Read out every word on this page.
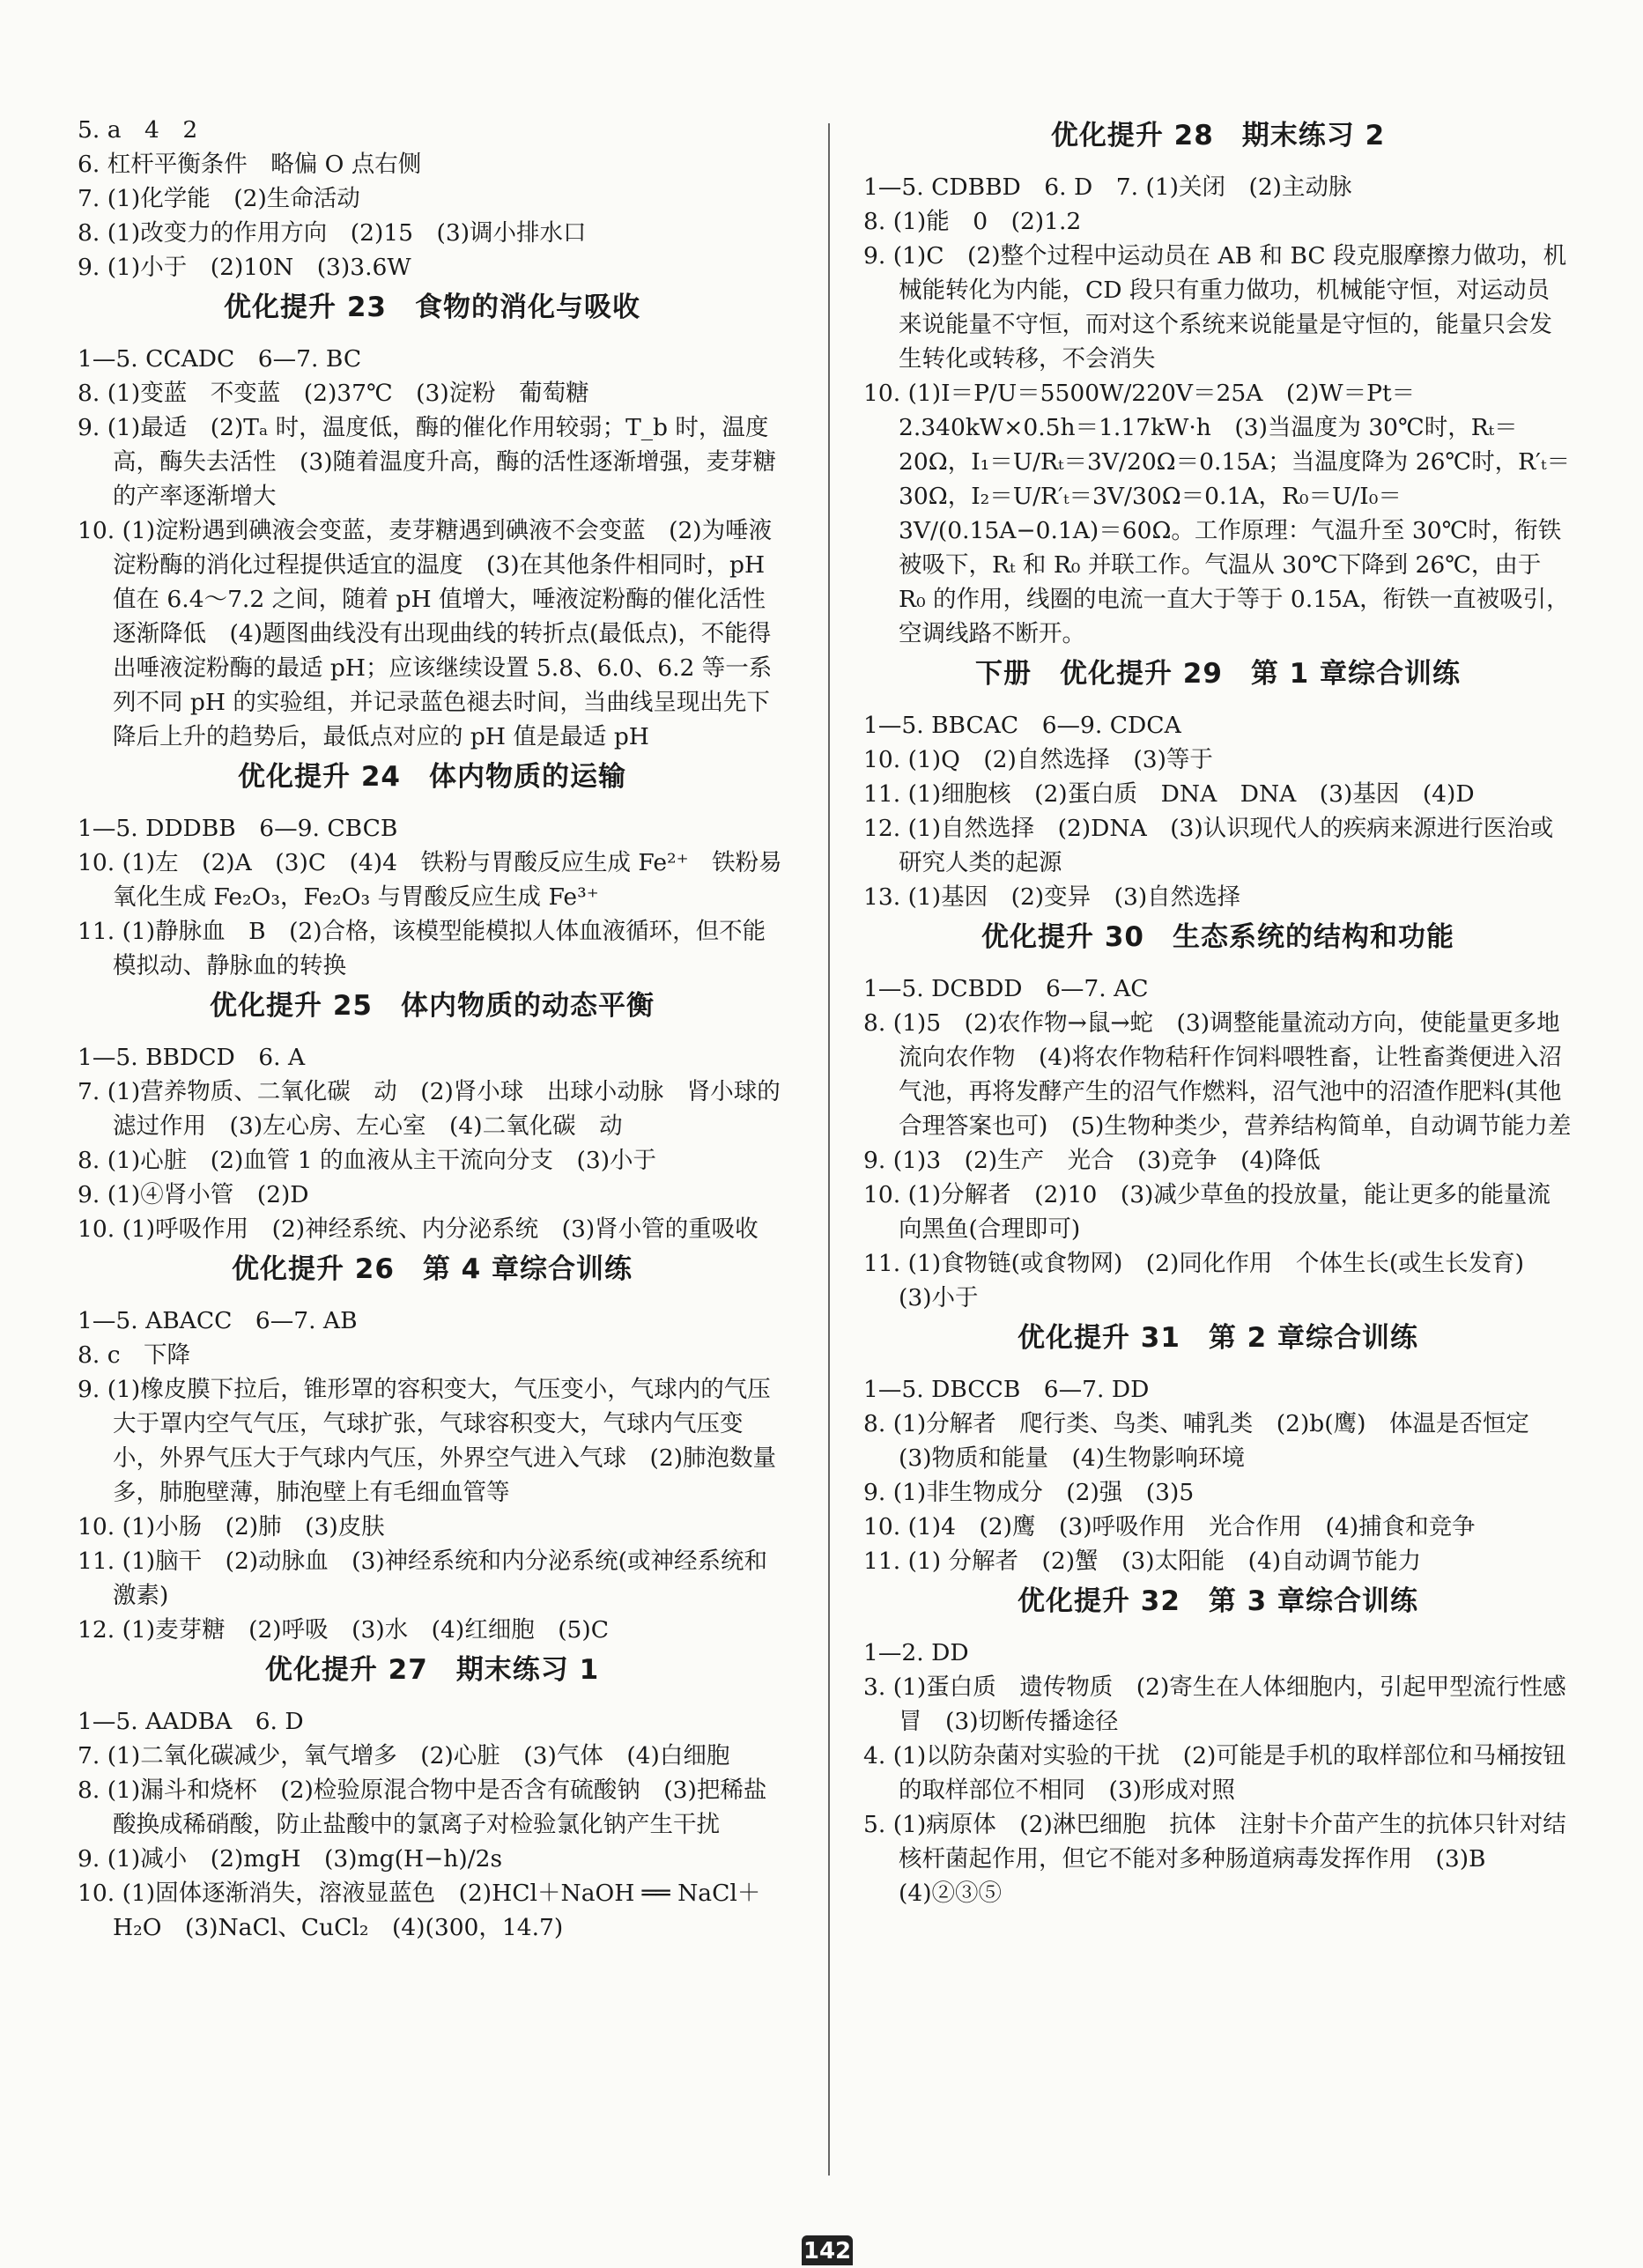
5. a　4　2
6. 杠杆平衡条件　略偏 O 点右侧
7. (1)化学能　(2)生命活动
8. (1)改变力的作用方向　(2)15　(3)调小排水口
9. (1)小于　(2)10N　(3)3.6W
优化提升 23　食物的消化与吸收
1—5. CCADC　6—7. BC
8. (1)变蓝　不变蓝　(2)37℃　(3)淀粉　葡萄糖
9. (1)最适　(2)Tₐ 时，温度低，酶的催化作用较弱；T_b 时，温度高，酶失去活性　(3)随着温度升高，酶的活性逐渐增强，麦芽糖的产率逐渐增大
10. (1)淀粉遇到碘液会变蓝，麦芽糖遇到碘液不会变蓝　(2)为唾液淀粉酶的消化过程提供适宜的温度　(3)在其他条件相同时，pH 值在 6.4～7.2 之间，随着 pH 值增大，唾液淀粉酶的催化活性逐渐降低　(4)题图曲线没有出现曲线的转折点(最低点)，不能得出唾液淀粉酶的最适 pH；应该继续设置 5.8、6.0、6.2 等一系列不同 pH 的实验组，并记录蓝色褪去时间，当曲线呈现出先下降后上升的趋势后，最低点对应的 pH 值是最适 pH
优化提升 24　体内物质的运输
1—5. DDDBB　6—9. CBCB
10. (1)左　(2)A　(3)C　(4)4　铁粉与胃酸反应生成 Fe²⁺　铁粉易氧化生成 Fe₂O₃，Fe₂O₃ 与胃酸反应生成 Fe³⁺
11. (1)静脉血　B　(2)合格，该模型能模拟人体血液循环，但不能模拟动、静脉血的转换
优化提升 25　体内物质的动态平衡
1—5. BBDCD　6. A
7. (1)营养物质、二氧化碳　动　(2)肾小球　出球小动脉　肾小球的滤过作用　(3)左心房、左心室　(4)二氧化碳　动
8. (1)心脏　(2)血管 1 的血液从主干流向分支　(3)小于
9. (1)④肾小管　(2)D
10. (1)呼吸作用　(2)神经系统、内分泌系统　(3)肾小管的重吸收
优化提升 26　第 4 章综合训练
1—5. ABACC　6—7. AB
8. c　下降
9. (1)橡皮膜下拉后，锥形罩的容积变大，气压变小，气球内的气压大于罩内空气气压，气球扩张，气球容积变大，气球内气压变小，外界气压大于气球内气压，外界空气进入气球　(2)肺泡数量多，肺胞壁薄，肺泡壁上有毛细血管等
10. (1)小肠　(2)肺　(3)皮肤
11. (1)脑干　(2)动脉血　(3)神经系统和内分泌系统(或神经系统和激素)
12. (1)麦芽糖　(2)呼吸　(3)水　(4)红细胞　(5)C
优化提升 27　期末练习 1
1—5. AADBA　6. D
7. (1)二氧化碳减少，氧气增多　(2)心脏　(3)气体　(4)白细胞
8. (1)漏斗和烧杯　(2)检验原混合物中是否含有硫酸钠　(3)把稀盐酸换成稀硝酸，防止盐酸中的氯离子对检验氯化钠产生干扰
9. (1)减小　(2)mgH　(3)mg(H−h)/2s
10. (1)固体逐渐消失，溶液显蓝色　(2)HCl＋NaOH ══ NaCl＋H₂O　(3)NaCl、CuCl₂　(4)(300，14.7)
优化提升 28　期末练习 2
1—5. CDBBD　6. D　7. (1)关闭　(2)主动脉
8. (1)能　0　(2)1.2
9. (1)C　(2)整个过程中运动员在 AB 和 BC 段克服摩擦力做功，机械能转化为内能，CD 段只有重力做功，机械能守恒，对运动员来说能量不守恒，而对这个系统来说能量是守恒的，能量只会发生转化或转移，不会消失
10. (1)I＝P/U＝5500W/220V＝25A　(2)W＝Pt＝2.340kW×0.5h＝1.17kW·h　(3)当温度为 30℃时，Rₜ＝20Ω，I₁＝U/Rₜ＝3V/20Ω＝0.15A；当温度降为 26℃时，R′ₜ＝30Ω，I₂＝U/R′ₜ＝3V/30Ω＝0.1A，R₀＝U/I₀＝3V/(0.15A−0.1A)＝60Ω。工作原理：气温升至 30℃时，衔铁被吸下，Rₜ 和 R₀ 并联工作。气温从 30℃下降到 26℃，由于 R₀ 的作用，线圈的电流一直大于等于 0.15A，衔铁一直被吸引，空调线路不断开。
下册　优化提升 29　第 1 章综合训练
1—5. BBCAC　6—9. CDCA
10. (1)Q　(2)自然选择　(3)等于
11. (1)细胞核　(2)蛋白质　DNA　DNA　(3)基因　(4)D
12. (1)自然选择　(2)DNA　(3)认识现代人的疾病来源进行医治或研究人类的起源
13. (1)基因　(2)变异　(3)自然选择
优化提升 30　生态系统的结构和功能
1—5. DCBDD　6—7. AC
8. (1)5　(2)农作物→鼠→蛇　(3)调整能量流动方向，使能量更多地流向农作物　(4)将农作物秸秆作饲料喂牲畜，让牲畜粪便进入沼气池，再将发酵产生的沼气作燃料，沼气池中的沼渣作肥料(其他合理答案也可)　(5)生物种类少，营养结构简单，自动调节能力差
9. (1)3　(2)生产　光合　(3)竞争　(4)降低
10. (1)分解者　(2)10　(3)减少草鱼的投放量，能让更多的能量流向黑鱼(合理即可)
11. (1)食物链(或食物网)　(2)同化作用　个体生长(或生长发育)　(3)小于
优化提升 31　第 2 章综合训练
1—5. DBCCB　6—7. DD
8. (1)分解者　爬行类、鸟类、哺乳类　(2)b(鹰)　体温是否恒定　(3)物质和能量　(4)生物影响环境
9. (1)非生物成分　(2)强　(3)5
10. (1)4　(2)鹰　(3)呼吸作用　光合作用　(4)捕食和竞争
11. (1) 分解者　(2)蟹　(3)太阳能　(4)自动调节能力
优化提升 32　第 3 章综合训练
1—2. DD
3. (1)蛋白质　遗传物质　(2)寄生在人体细胞内，引起甲型流行性感冒　(3)切断传播途径
4. (1)以防杂菌对实验的干扰　(2)可能是手机的取样部位和马桶按钮的取样部位不相同　(3)形成对照
5. (1)病原体　(2)淋巴细胞　抗体　注射卡介苗产生的抗体只针对结核杆菌起作用，但它不能对多种肠道病毒发挥作用　(3)B　(4)②③⑤
142
